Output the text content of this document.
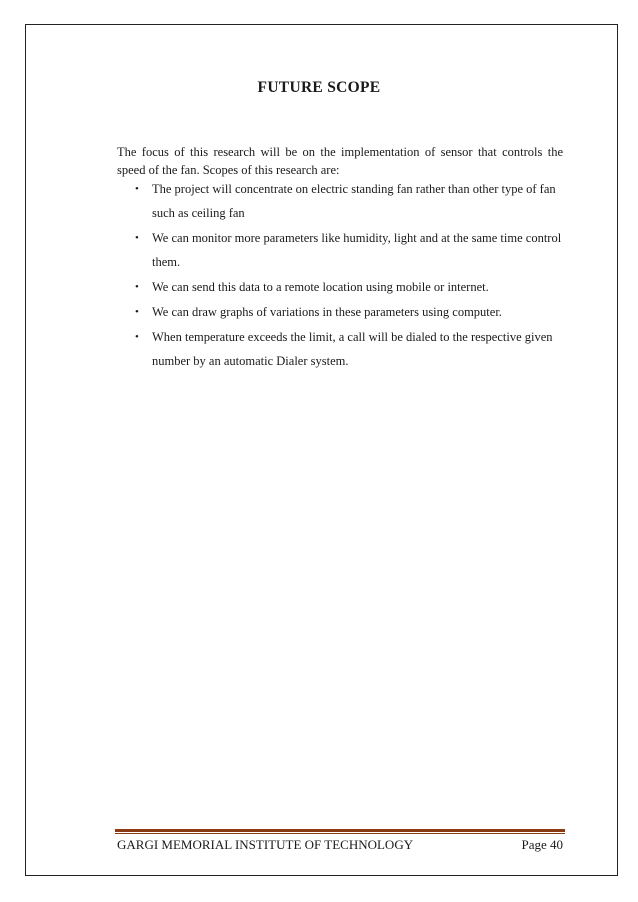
FUTURE SCOPE
The focus of this research will be on the implementation of sensor that controls the speed of the fan. Scopes of this research are:
• The project will concentrate on electric standing fan rather than other type of fan such as ceiling fan
• We can monitor more parameters like humidity, light and at the same time control them.
• We can send this data to a remote location using mobile or internet.
• We can draw graphs of variations in these parameters using computer.
• When temperature exceeds the limit, a call will be dialed to the respective given number by an automatic Dialer system.
GARGI MEMORIAL INSTITUTE OF TECHNOLOGY	Page 40
